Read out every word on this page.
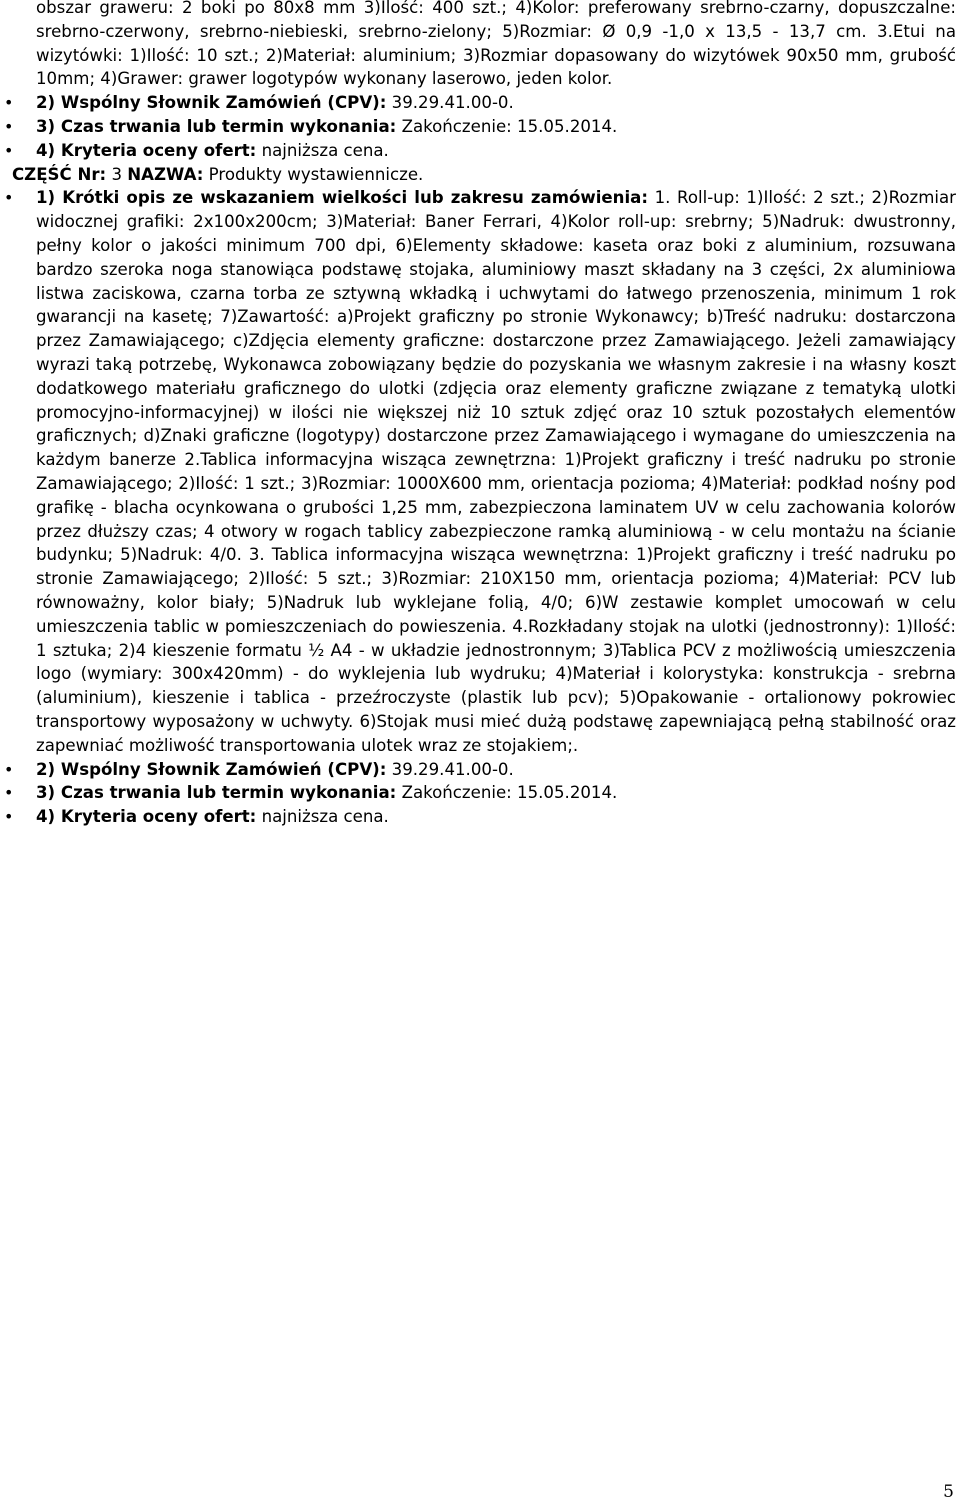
obszar graweru: 2 boki po 80x8 mm 3)Ilość: 400 szt.; 4)Kolor: preferowany srebrno-czarny, dopuszczalne: srebrno-czerwony, srebrno-niebieski, srebrno-zielony; 5)Rozmiar: Ø 0,9 -1,0 x 13,5 - 13,7 cm. 3.Etui na wizytówki: 1)Ilość: 10 szt.; 2)Materiał: aluminium; 3)Rozmiar dopasowany do wizytówek 90x50 mm, grubość 10mm; 4)Grawer: grawer logotypów wykonany laserowo, jeden kolor.

• 2) Wspólny Słownik Zamówień (CPV): 39.29.41.00-0.
• 3) Czas trwania lub termin wykonania: Zakończenie: 15.05.2014.
• 4) Kryteria oceny ofert: najniższa cena.

CZĘŚĆ Nr: 3 NAZWA: Produkty wystawiennicze.

• 1) Krótki opis ze wskazaniem wielkości lub zakresu zamówienia: 1. Roll-up: 1)Ilość: 2 szt.; 2)Rozmiar widocznej grafiki: 2x100x200cm; 3)Materiał: Baner Ferrari, 4)Kolor roll-up: srebrny; 5)Nadruk: dwustronny, pełny kolor o jakości minimum 700 dpi, 6)Elementy składowe: kaseta oraz boki z aluminium, rozsuwana bardzo szeroka noga stanowiąca podstawę stojaka, aluminiowy maszt składany na 3 części, 2x aluminiowa listwa zaciskowa, czarna torba ze sztywną wkładką i uchwytami do łatwego przenoszenia, minimum 1 rok gwarancji na kasetę; 7)Zawartość: a)Projekt graficzny po stronie Wykonawcy; b)Treść nadruku: dostarczona przez Zamawiającego; c)Zdjęcia elementy graficzne: dostarczone przez Zamawiającego. Jeżeli zamawiający wyrazi taką potrzebę, Wykonawca zobowiązany będzie do pozyskania we własnym zakresie i na własny koszt dodatkowego materiału graficznego do ulotki (zdjęcia oraz elementy graficzne związane z tematyką ulotki promocyjno-informacyjnej) w ilości nie większej niż 10 sztuk zdjęć oraz 10 sztuk pozostałych elementów graficznych; d)Znaki graficzne (logotypy) dostarczone przez Zamawiającego i wymagane do umieszczenia na każdym banerze 2.Tablica informacyjna wisząca zewnętrzna: 1)Projekt graficzny i treść nadruku po stronie Zamawiającego; 2)Ilość: 1 szt.; 3)Rozmiar: 1000X600 mm, orientacja pozioma; 4)Materiał: podkład nośny pod grafikę - blacha ocynkowana o grubości 1,25 mm, zabezpieczona laminatem UV w celu zachowania kolorów przez dłuższy czas; 4 otwory w rogach tablicy zabezpieczone ramką aluminiową - w celu montażu na ścianie budynku; 5)Nadruk: 4/0. 3. Tablica informacyjna wisząca wewnętrzna: 1)Projekt graficzny i treść nadruku po stronie Zamawiającego; 2)Ilość: 5 szt.; 3)Rozmiar: 210X150 mm, orientacja pozioma; 4)Materiał: PCV lub równoważny, kolor biały; 5)Nadruk lub wyklejane folią, 4/0; 6)W zestawie komplet umocowań w celu umieszczenia tablic w pomieszczeniach do powieszenia. 4.Rozkładany stojak na ulotki (jednostronny): 1)Ilość: 1 sztuka; 2)4 kieszenie formatu ½ A4 - w układzie jednostronnym; 3)Tablica PCV z możliwością umieszczenia logo (wymiary: 300x420mm) - do wyklejenia lub wydruku; 4)Materiał i kolorystyka: konstrukcja - srebrna (aluminium), kieszenie i tablica - przeźroczyste (plastik lub pcv); 5)Opakowanie - ortalionowy pokrowiec transportowy wyposażony w uchwyty. 6)Stojak musi mieć dużą podstawę zapewniającą pełną stabilność oraz zapewniać możliwość transportowania ulotek wraz ze stojakiem;.
• 2) Wspólny Słownik Zamówień (CPV): 39.29.41.00-0.
• 3) Czas trwania lub termin wykonania: Zakończenie: 15.05.2014.
• 4) Kryteria oceny ofert: najniższa cena.
5
